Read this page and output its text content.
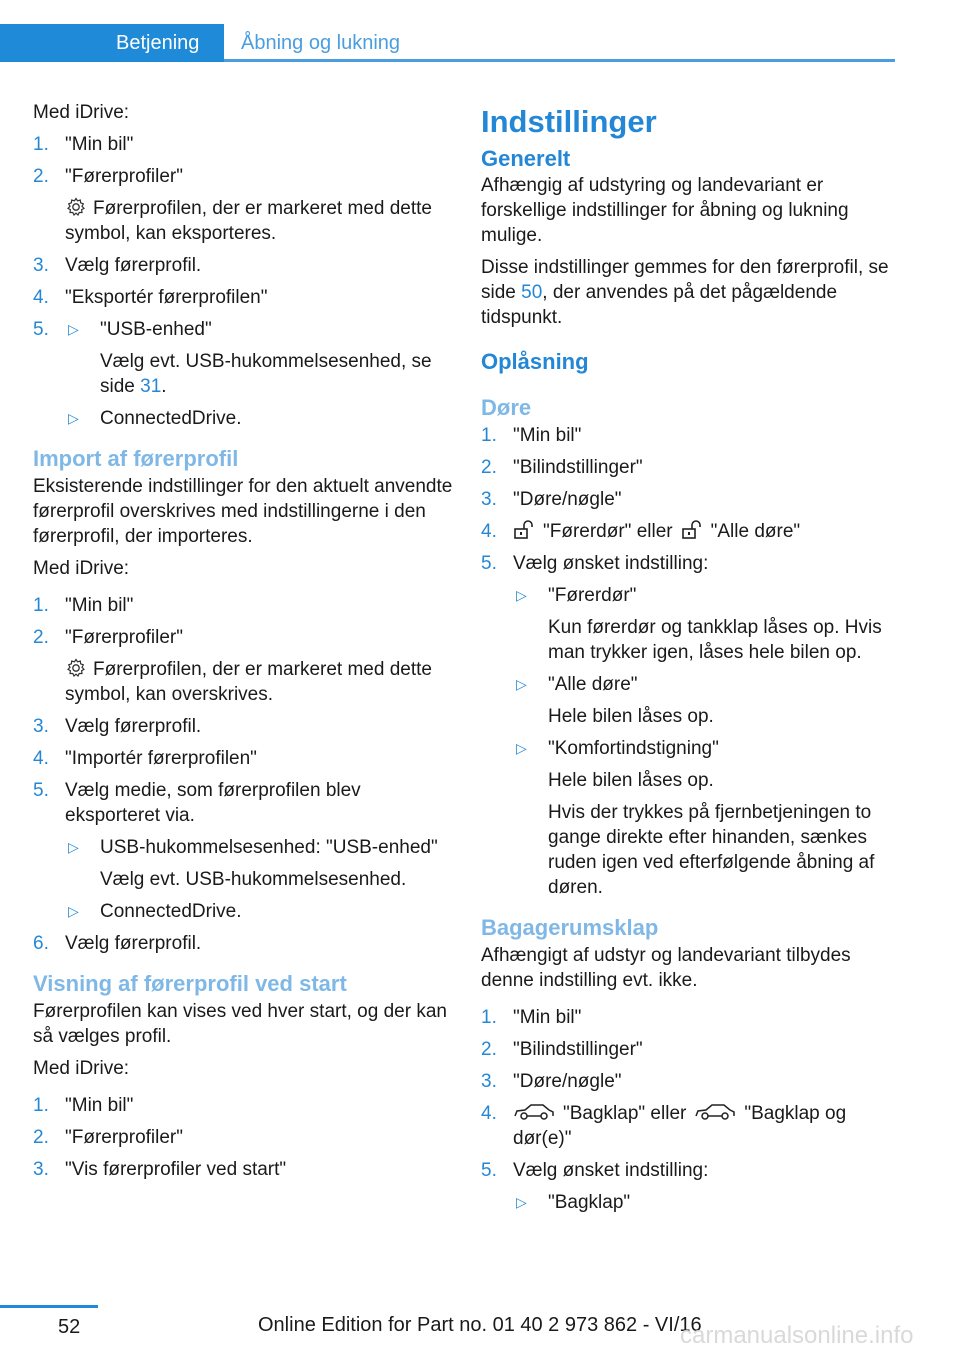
Betjening	Åbning og lukning

Med iDrive:

1. "Min bil"
2. "Førerprofiler"
Førerprofilen, der er markeret med dette symbol, kan eksporteres.
3. Vælg førerprofil.
4. "Eksportér førerprofilen"
5. ▷ "USB-enhed"
Vælg evt. USB-hukommelsesenhed, se side 31.
▷ ConnectedDrive.
Import af førerprofil

Eksisterende indstillinger for den aktuelt anvendte førerprofil overskrives med indstillingerne i den førerprofil, der importeres.

Med iDrive:

1. "Min bil"
2. "Førerprofiler"
Førerprofilen, der er markeret med dette symbol, kan overskrives.
3. Vælg førerprofil.
4. "Importér førerprofilen"
5. Vælg medie, som førerprofilen blev eksporteret via.
▷ USB-hukommelsesenhed: "USB-enhed"
Vælg evt. USB-hukommelsesenhed.
▷ ConnectedDrive.
6. Vælg førerprofil.
Visning af førerprofil ved start

Førerprofilen kan vises ved hver start, og der kan så vælges profil.

Med iDrive:

1. "Min bil"
2. "Førerprofiler"
3. "Vis førerprofiler ved start"
Indstillinger
Generelt

Afhængig af udstyring og landevariant er forskellige indstillinger for åbning og lukning mulige.

Disse indstillinger gemmes for den førerprofil, se side 50, der anvendes på det pågældende tidspunkt.

Oplåsning
Døre
1. "Min bil"
2. "Bilindstillinger"
3. "Døre/nøgle"
4. "Førerdør" eller "Alle døre"
5. Vælg ønsket indstilling:
▷ "Førerdør"
Kun førerdør og tankklap låses op. Hvis man trykker igen, låses hele bilen op.
▷ "Alle døre"
Hele bilen låses op.
▷ "Komfortindstigning"
Hele bilen låses op.
Hvis der trykkes på fjernbetjeningen to gange direkte efter hinanden, sænkes ruden igen ved efterfølgende åbning af døren.
Bagagerumsklap

Afhængigt af udstyr og landevariant tilbydes denne indstilling evt. ikke.

1. "Min bil"
2. "Bilindstillinger"
3. "Døre/nøgle"
4.	"Bagklap" eller	"Bagklap og dør(e)"
5. Vælg ønsket indstilling:
▷ "Bagklap"
52	Online Edition for Part no. 01 40 2 973 862 - VI/16
carmanualsonline.info
